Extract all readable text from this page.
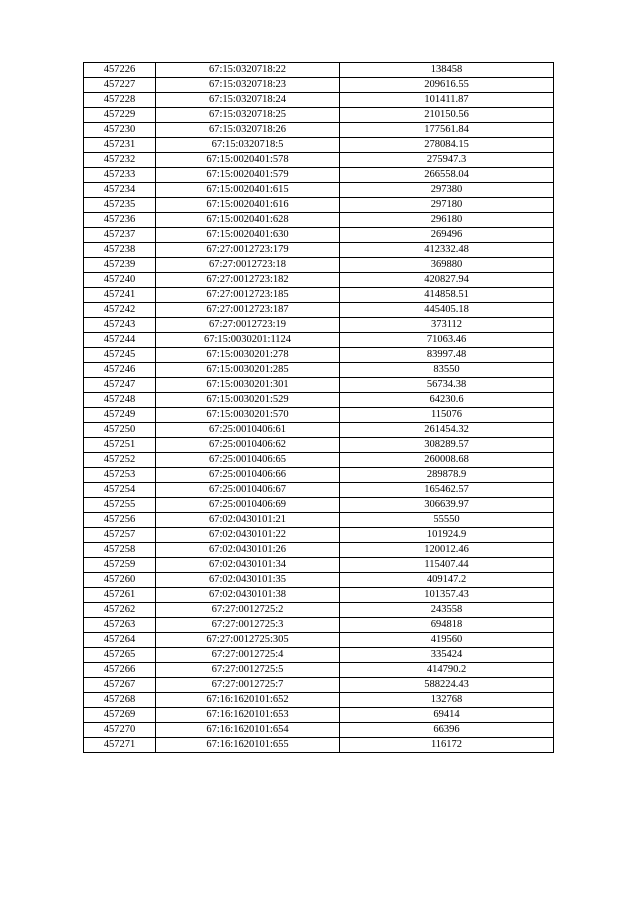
457226	67:15:0320718:22	138458
457227	67:15:0320718:23	209616.55
457228	67:15:0320718:24	101411.87
457229	67:15:0320718:25	210150.56
457230	67:15:0320718:26	177561.84
457231	67:15:0320718:5	278084.15
457232	67:15:0020401:578	275947.3
457233	67:15:0020401:579	266558.04
457234	67:15:0020401:615	297380
457235	67:15:0020401:616	297180
457236	67:15:0020401:628	296180
457237	67:15:0020401:630	269496
457238	67:27:0012723:179	412332.48
457239	67:27:0012723:18	369880
457240	67:27:0012723:182	420827.94
457241	67:27:0012723:185	414858.51
457242	67:27:0012723:187	445405.18
457243	67:27:0012723:19	373112
457244	67:15:0030201:1124	71063.46
457245	67:15:0030201:278	83997.48
457246	67:15:0030201:285	83550
457247	67:15:0030201:301	56734.38
457248	67:15:0030201:529	64230.6
457249	67:15:0030201:570	115076
457250	67:25:0010406:61	261454.32
457251	67:25:0010406:62	308289.57
457252	67:25:0010406:65	260008.68
457253	67:25:0010406:66	289878.9
457254	67:25:0010406:67	165462.57
457255	67:25:0010406:69	306639.97
457256	67:02:0430101:21	55550
457257	67:02:0430101:22	101924.9
457258	67:02:0430101:26	120012.46
457259	67:02:0430101:34	115407.44
457260	67:02:0430101:35	409147.2
457261	67:02:0430101:38	101357.43
457262	67:27:0012725:2	243558
457263	67:27:0012725:3	694818
457264	67:27:0012725:305	419560
457265	67:27:0012725:4	335424
457266	67:27:0012725:5	414790.2
457267	67:27:0012725:7	588224.43
457268	67:16:1620101:652	132768
457269	67:16:1620101:653	69414
457270	67:16:1620101:654	66396
457271	67:16:1620101:655	116172
